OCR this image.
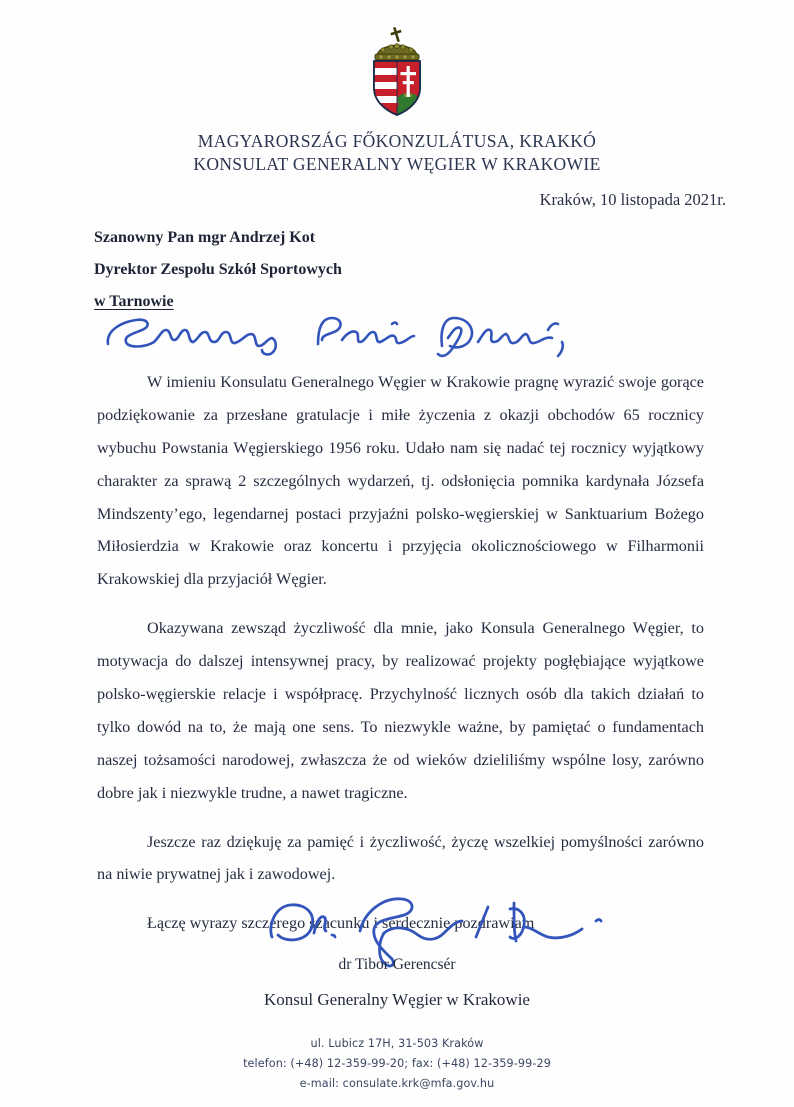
MAGYARORSZÁG FŐKONZULÁTUSA, KRAKKÓ
KONSULAT GENERALNY WĘGIER W KRAKOWIE
Kraków, 10 listopada 2021r.
Szanowny Pan mgr Andrzej Kot
Dyrektor Zespołu Szkół Sportowych
w Tarnowie

W imieniu Konsulatu Generalnego Węgier w Krakowie pragnę wyrazić swoje gorące podziękowanie za przesłane gratulacje i miłe życzenia z okazji obchodów 65 rocznicy wybuchu Powstania Węgierskiego 1956 roku. Udało nam się nadać tej rocznicy wyjątkowy charakter za sprawą 2 szczególnych wydarzeń, tj. odsłonięcia pomnika kardynała Józsefa Mindszenty’ego, legendarnej postaci przyjaźni polsko-węgierskiej w Sanktuarium Bożego Miłosierdzia w Krakowie oraz koncertu i przyjęcia okolicznościowego w Filharmonii Krakowskiej dla przyjaciół Węgier.

Okazywana zewsząd życzliwość dla mnie, jako Konsula Generalnego Węgier, to motywacja do dalszej intensywnej pracy, by realizować projekty pogłębiające wyjątkowe polsko-węgierskie relacje i współpracę. Przychylność licznych osób dla takich działań to tylko dowód na to, że mają one sens. To niezwykle ważne, by pamiętać o fundamentach naszej tożsamości narodowej, zwłaszcza że od wieków dzieliliśmy wspólne losy, zarówno dobre jak i niezwykle trudne, a nawet tragiczne.

Jeszcze raz dziękuję za pamięć i życzliwość, życzę wszelkiej pomyślności zarówno na niwie prywatnej jak i zawodowej.

Łączę wyrazy szczerego szacunku i serdecznie pozdrawiam

dr Tibor Gerencsér
Konsul Generalny Węgier w Krakowie
ul. Lubicz 17H, 31-503 Kraków
telefon: (+48) 12-359-99-20; fax: (+48) 12-359-99-29
e-mail: consulate.krk@mfa.gov.hu
